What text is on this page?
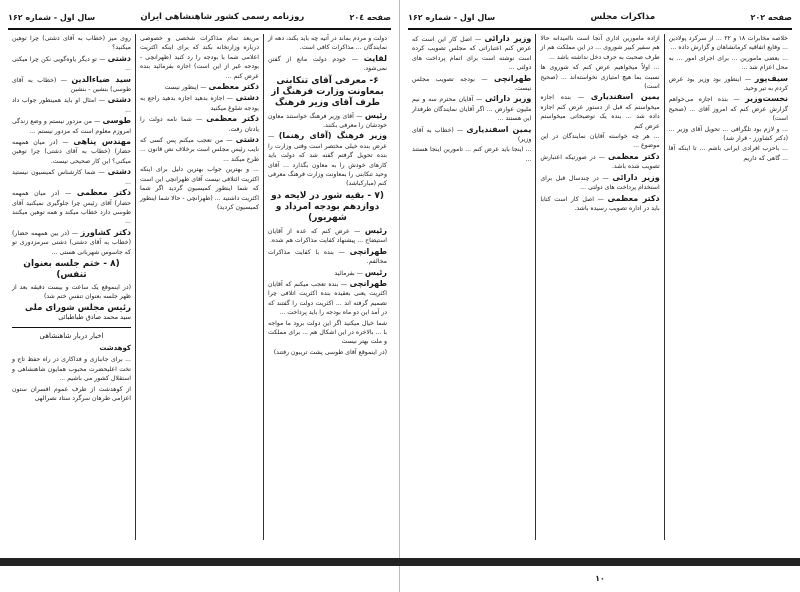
صفحه ۲۰٤
روزنامه رسمی کشور شاهنشاهی ایران
سال اول - شماره ۱۶۲

دولت و مردم بماند در آتیه چه باید بکند، دهه از نمایندگان ... مذاکرات کافی است.

لقایت — خودم دولت مانع از گفتن نمی‌شود.

۶- معرفی آقای تنکابنی بمعاونت وزارت فرهنگ از طرف آقای وزیر فرهنگ

رئیس — آقای وزیر فرهنگ خواستند معاون خودشان را معرفی بکنند.

وزیر فرهنگ (آقای رهنما) — عرض بنده خیلی مختصر است وقتی وزارت را بنده تحویل گرفتم گفته شد که دولت باید کارهای خودش را به معاون بگذارد ... آقای وحید تنکابنی را بمعاونت وزارت فرهنگ معرفی کنم (مبارکباشد)

(۷ - بقیه شور در لایحه دو دوازدهم بودجه امرداد و شهریور)

رئیس — عرض کنم که عده از آقایان استیضاح ... پیشنهاد کفایت مذاکرات هم شده.

طهرانچی — بنده با کفایت مذاکرات مخالفم.

رئیس — بفرمائید

طهرانچی — بنده تعجب میکنم که آقایان اکثریت یعنی بعقیده بنده اکثریت اتلافی چرا تصمیم گرفته اند ... اکثریت دولت را گفتند که در آمد این دو ماه بودجه را باید پرداخت ...

شما خیال میکنید اگر این دولت برود ما مواجه با ... بالاخره در این اشکال هم ... برای مملکت و ملت بهتر نیست

(در اینموقع آقای طوسی پشت تریبون رفتند)

من‌بعد تمام مذاکرات شخصی و خصوصی درباره وزارتخانه بکند که برای اینکه اکثریت اعلامی شما با بودجه را رد کنید (طهرانچی - بودجه غیر از این است) اجازه بفرمائید بنده عرض کنم ...

دکتر معظمی — اینطور نیست

دشتی — اجازه بدهید اجازه بدهید راجع به بودجه شلوغ میکنید

دکتر معظمی — شما نامه دولت را یادتان رفت.

دشتی — من تعجب میکنم پس کسی که نایب رئیس مجلس است برخلاف نص قانون ... طرح میکند ...

... و بهترین جواب بهترین دلیل برای اینکه اکثریت ائتلافی نیست آقای طهرانچی این است که شما اینطور کمیسیون گردید اگر شما اکثریت داشتید ... (طهرانچی - حالا شما اینطور کمیسیون کردید)

روی میز (خطاب به آقای دشتی) چرا توهین میکنید؟

دشتی — تو دیگر یاوه‌گویی نکن چرا میکنی ...

سید ضیاءالدین — (خطاب به آقای طوسی) بنشین - بنشین

دشتی — امثال او باید همینطور جواب داد ...

طوسی — من مزدور نیستم و وضع زندگی امروزم معلوم است که مزدور نیستم ...

مهندس پناهی — (در میان همهمه حضار) (خطاب به آقای دشتی) چرا توهین میکنی؟ این کار صحیحی نیست.

دشتی — شما کارشناس کمیسیون نیستید ...

دکتر معظمی — (در میان همهمه حضار) آقای رئیس چرا جلوگیری نمیکنید آقای طوسی دارد خطاب میکند و همه توهین میکنند ...

دکتر کشاورز — (در بین همهمه حضار) (خطاب به آقای دشتی) دشتی سرمزدوری تو که جاسوس شهربانی هستی ...

(۸ - ختم جلسه بعنوان تنفس)

(در اینموقع یک ساعت و بیست دقیقه بعد از ظهر جلسه بعنوان تنفس ختم شد)

رئیس مجلس شورای ملی
سید محمد صادق طباطبائی
اخبار دربار شاهنشاهی
کوهدشت

... برای جانبازی و فداکاری در راه حفظ تاج و تخت اعلیحضرت محبوب همایون شاهنشاهی و استقلال کشور می باشیم ...

از کوهدشت از طرف عموم افسران ستون اعزامی طرهان سرگرد ستاد نصرالهی

صفحه ۲۰۲
مذاکرات مجلس
سال اول - شماره ۱۶۲

خلاصه مخابرات ۱۸ و ۲۲ ... از سرکرد پولادین ... وقایع اتفاقیه کرمانشاهان و گزارش داده ...

... بعضی مامورین ... برای اجرای امور ... به محل اعزام شد ...

سیف‌پور — اینطور بود وزیر بود عرض کردم به تیر وحید.

نخست‌وزیر — بنده اجازه می‌خواهم گزارش عرض کنم که امروز آقای ... (صحیح است)

... و لازم بود تلگرافی ... تحویل آقای وزیر ... (دکتر کشاورز - قرار شد)

... باحزب افرادی ایرانی باشم ... تا اینکه آقا ... گاهی که داریم

ازاده مامورین اداری آنجا است ناامیدانه حالا هم سفیر کبیر شوروی ... در این مملکت هم از طرف صحبت به حرف دخل نداشته باشد ...

... اولاً میخواهیم عرض کنم که شوروی ها نسبت بما هیچ امتیازی نخواسته‌اند ... (صحیح است)

یمین اسفندیاری — بنده اجازه میخواستم که قبل از دستور عرض کنم اجازه داده شد ... بنده یک توضیحاتی میخواستم عرض کنم

... هر چه خواسته آقایان نمایندگان در این موضوع ...

دکتر معظمی — در صورتیکه اعتبارش تصویب شده باشد.

وزیر دارائی — در چندسال قبل برای استخدام پرداخت های دولتی ...

دکتر معظمی — اصل کار است کتابا باید در اداره تصویب رسیده باشد.

وزیر دارائی — اصل کار این است که عرض کنم اعتباراتی که مجلس تصویب کرده است نوشته است برای اتمام پرداخت های دولتی ...

طهرانچی — بودجه تصویب مجلس نیست.

وزیر دارائی — آقایان محترم سه و نیم ملیون عوارض ... اگر آقایان نمایندگان طرفدار این هستند ...

یمین اسفندیاری — (خطاب به آقای وزیر)

... اینجا باید عرض کنم ... تامورین اینجا هستند ...

۱۰
